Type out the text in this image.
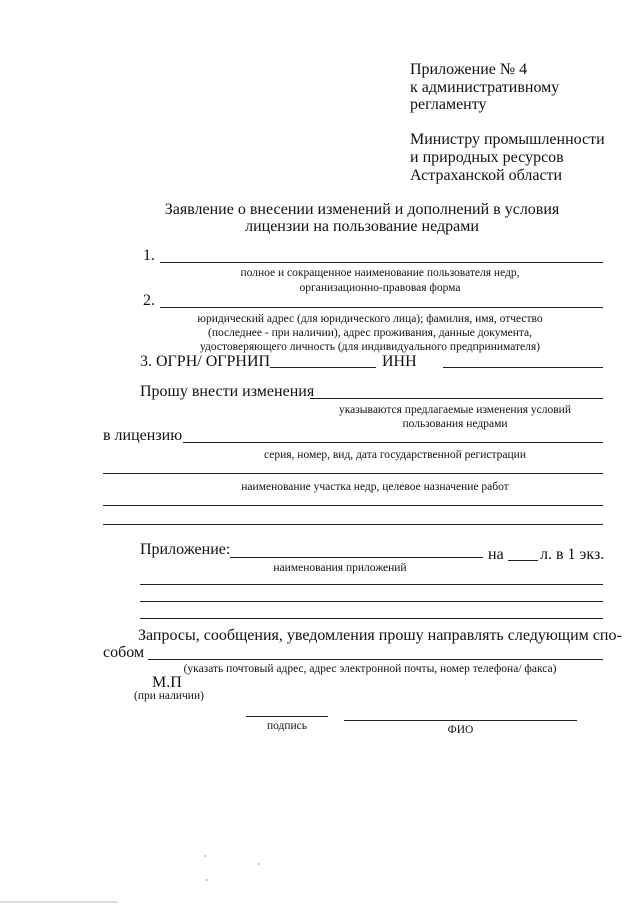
Приложение № 4
к административному
регламенту
Министру промышленности
и природных ресурсов
Астраханской области
Заявление о внесении изменений и дополнений в условия
лицензии на пользование недрами
1.
полное и сокращенное наименование пользователя недр,
организационно-правовая форма
2.
юридический адрес (для юридического лица); фамилия, имя, отчество
(последнее - при наличии), адрес проживания, данные документа,
удостоверяющего личность (для индивидуального предпринимателя)
3. ОГРН/ ОГРНИП	ИНН
Прошу внести изменения
указываются предлагаемые изменения условий
пользования недрами
в лицензию
серия, номер, вид, дата государственной регистрации
наименование участка недр, целевое назначение работ
Приложение:	на л. в 1 экз.
наименования приложений
Запросы, сообщения, уведомления прошу направлять следующим спо-
собом
(указать почтовый адрес, адрес электронной почты, номер телефона/ факса)
М.П
(при наличии)
подпись	ФИО
